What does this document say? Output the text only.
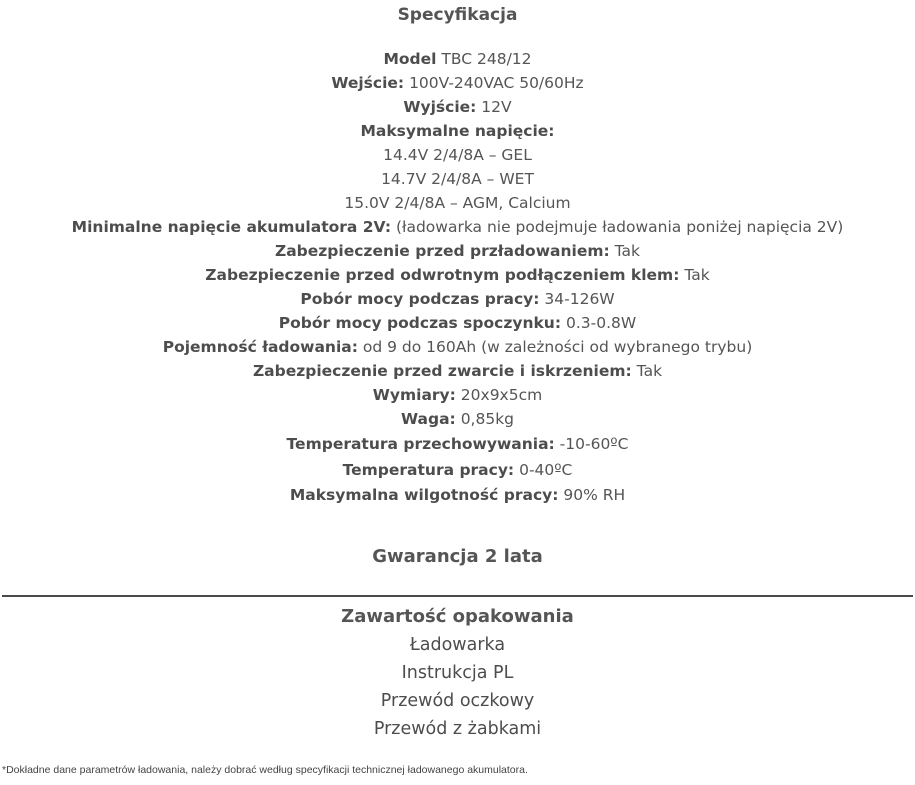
Specyfikacja
Model TBC 248/12
Wejście: 100V-240VAC 50/60Hz
Wyjście: 12V
Maksymalne napięcie:
14.4V 2/4/8A – GEL
14.7V 2/4/8A – WET
15.0V 2/4/8A – AGM, Calcium
Minimalne napięcie akumulatora 2V: (ładowarka nie podejmuje ładowania poniżej napięcia 2V)
Zabezpieczenie przed przładowaniem: Tak
Zabezpieczenie przed odwrotnym podłączeniem klem: Tak
Pobór mocy podczas pracy: 34-126W
Pobór mocy podczas spoczynku: 0.3-0.8W
Pojemność ładowania: od 9 do 160Ah (w zależności od wybranego trybu)
Zabezpieczenie przed zwarcie i iskrzeniem: Tak
Wymiary: 20x9x5cm
Waga: 0,85kg
Temperatura przechowywania: -10-60ºC
Temperatura pracy: 0-40ºC
Maksymalna wilgotność pracy: 90% RH
Gwarancja 2 lata
Zawartość opakowania
Ładowarka
Instrukcja PL
Przewód oczkowy
Przewód z żabkami
*Dokładne dane parametrów ładowania, należy dobrać według specyfikacji technicznej ładowanego akumulatora.
